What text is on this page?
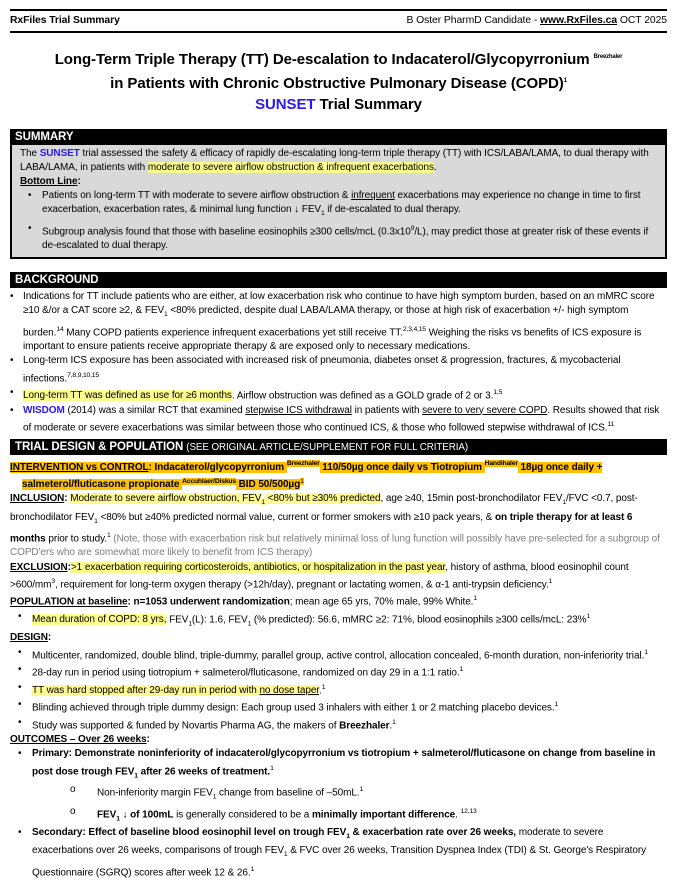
RxFiles Trial Summary	B Oster PharmD Candidate - www.RxFiles.ca OCT 2025
Long-Term Triple Therapy (TT) De-escalation to Indacaterol/Glycopyrronium $^{Breezhaler}$
in Patients with Chronic Obstructive Pulmonary Disease (COPD)$^1$
SUNSET Trial Summary
SUMMARY
The SUNSET trial assessed the safety & efficacy of rapidly de-escalating long-term triple therapy (TT) with ICS/LABA/LAMA, to dual therapy with LABA/LAMA, in patients with moderate to severe airflow obstruction & infrequent exacerbations.
Bottom Line:
•	Patients on long-term TT with moderate to severe airflow obstruction & infrequent exacerbations may experience no change in time to first exacerbation, exacerbation rates, & minimal lung function ↓ $FEV_1$ if de-escalated to dual therapy.
•	Subgroup analysis found that those with baseline eosinophils ≥300 cells/mcL $(0.3x10^9/L)$, may predict those at greater risk of these events if de-escalated to dual therapy.
BACKGROUND
• Indications for TT include patients who are either, at low exacerbation risk who continue to have high symptom burden, based on an mMRC score ≥10 &/or a CAT score ≥2, & $FEV_1 <80\%$ predicted, despite dual LABA/LAMA therapy, or those at high risk of exacerbation +/- high symptom burden.$^{14}$ Many COPD patients experience infrequent exacerbations yet still receive TT.$^{2,3,4,15}$ Weighing the risks vs benefits of ICS exposure is important to ensure patients receive appropriate therapy & are exposed only to necessary medications.
• Long-term ICS exposure has been associated with increased risk of pneumonia, diabetes onset & progression, fractures, & mycobacterial infections.$^{7,8,9,10,15}$
• Long-term TT was defined as use for ≥6 months. Airflow obstruction was defined as a GOLD grade of 2 or 3.$^{1,5}$
• WISDOM (2014) was a similar RCT that examined stepwise ICS withdrawal in patients with severe to very severe COPD. Results showed that risk of moderate or severe exacerbations was similar between those who continued ICS, & those who followed stepwise withdrawal of ICS.$^{11}$
TRIAL DESIGN & POPULATION (SEE ORIGINAL ARTICLE/SUPPLEMENT FOR FULL CRITERIA)
INTERVENTION vs CONTROL: Indacaterol/glycopyrronium $^{Breezhaler}$ 110/50µg once daily vs Tiotropium $^{Handihaler}$ 18µg once daily + salmeterol/fluticasone propionate $^{Accuhlaer/Diskus}$ BID 50/500µg$^1$
INCLUSION: Moderate to severe airflow obstruction, $FEV_1 <80\%$ but ≥30% predicted, age ≥40, 15min post-bronchodilator $FEV_1$/FVC <0.7, post-bronchodilator $FEV_1 <80\%$ but ≥40% predicted normal value, current or former smokers with ≥10 pack years, & on triple therapy for at least 6 months prior to study.$^1$ (Note, those with exacerbation risk but relatively minimal loss of lung function will possibly have pre-selected for a subgroup of COPD'ers who are somewhat more likely to benefit from ICS therapy)
EXCLUSION:>1 exacerbation requiring corticosteroids, antibiotics, or hospitalization in the past year, history of asthma, blood eosinophil count $>600/mm^3$, requirement for long-term oxygen therapy (>12h/day), pregnant or lactating women, & α-1 anti-trypsin deficiency.$^1$
POPULATION at baseline: n=1053 underwent randomization; mean age 65 yrs, 70% male, 99% White.$^1$
•	Mean duration of COPD: 8 yrs, $FEV_1(L)$: 1.6, $FEV_1$ (% predicted): 56.6, mMRC ≥2: 71%, blood eosinophils ≥300 cells/mcL: 23%$^1$
DESIGN:
•	Multicenter, randomized, double blind, triple-dummy, parallel group, active control, allocation concealed, 6-month duration, non-inferiority trial.$^1$
•	28-day run in period using tiotropium + salmeterol/fluticasone, randomized on day 29 in a 1:1 ratio.$^1$
•	TT was hard stopped after 29-day run in period with no dose taper.$^1$
•	Blinding achieved through triple dummy design: Each group used 3 inhalers with either 1 or 2 matching placebo devices.$^1$
•	Study was supported & funded by Novartis Pharma AG, the makers of Breezhaler.$^1$
OUTCOMES – Over 26 weeks:
•	Primary: Demonstrate noninferiority of indacaterol/glycopyrronium vs tiotropium + salmeterol/fluticasone on change from baseline in post dose trough $FEV_1$ after 26 weeks of treatment.$^1$
o	Non-inferiority margin $FEV_1$ change from baseline of –50mL.$^1$
o	$FEV_1$ ↓ of 100mL is generally considered to be a minimally important difference. $^{12,13}$
•	Secondary: Effect of baseline blood eosinophil level on trough $FEV_1$ & exacerbation rate over 26 weeks, moderate to severe exacerbations over 26 weeks, comparisons of trough $FEV_1$ & FVC over 26 weeks, Transition Dyspnea Index (TDI) & St. George's Respiratory Questionnaire (SGRQ) scores after week 12 & 26.$^1$
